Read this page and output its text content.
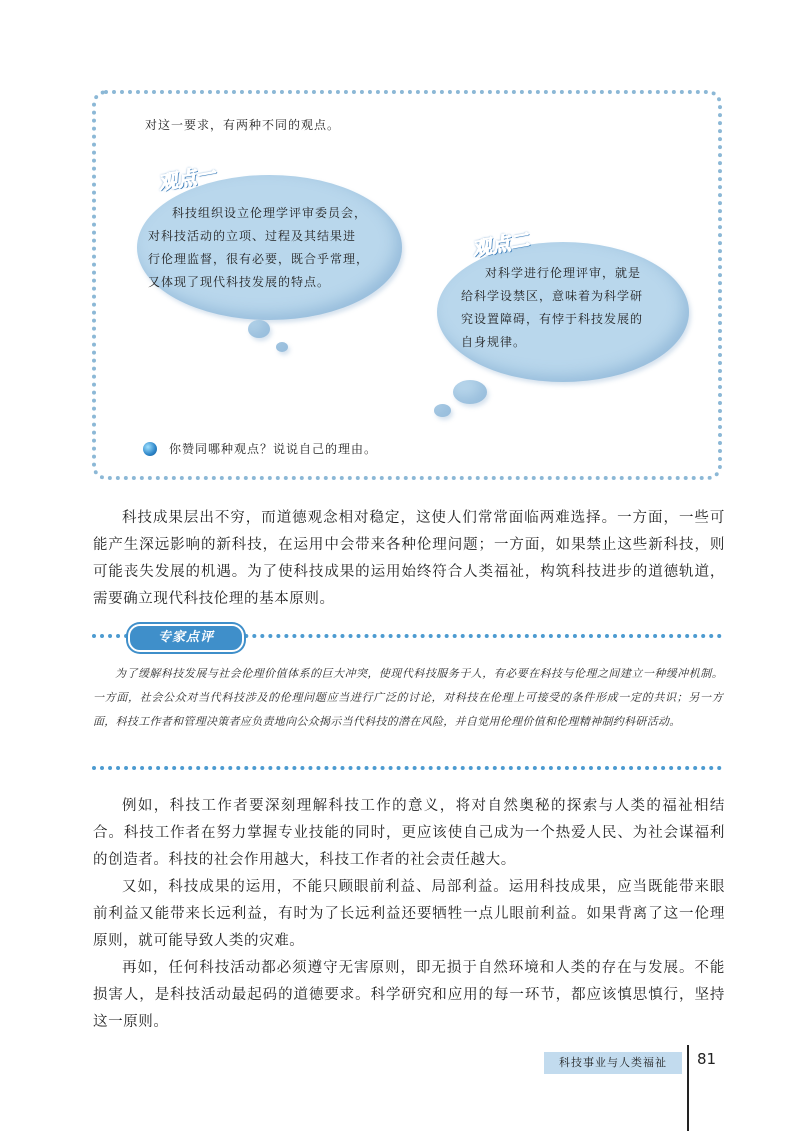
对这一要求，有两种不同的观点。
观点一
科技组织设立伦理学评审委员会，
对科技活动的立项、过程及其结果进
行伦理监督，很有必要，既合乎常理，
又体现了现代科技发展的特点。
观点二
对科学进行伦理评审，就是
给科学设禁区，意味着为科学研
究设置障碍，有悖于科技发展的
自身规律。
你赞同哪种观点？说说自己的理由。
科技成果层出不穷，而道德观念相对稳定，这使人们常常面临两难选择。一方面，一些可能产生深远影响的新科技，在运用中会带来各种伦理问题；一方面，如果禁止这些新科技，则可能丧失发展的机遇。为了使科技成果的运用始终符合人类福祉，构筑科技进步的道德轨道，需要确立现代科技伦理的基本原则。
专家点评
为了缓解科技发展与社会伦理价值体系的巨大冲突，使现代科技服务于人，有必要在科技与伦理之间建立一种缓冲机制。一方面，社会公众对当代科技涉及的伦理问题应当进行广泛的讨论，对科技在伦理上可接受的条件形成一定的共识；另一方面，科技工作者和管理决策者应负责地向公众揭示当代科技的潜在风险，并自觉用伦理价值和伦理精神制约科研活动。
例如，科技工作者要深刻理解科技工作的意义，将对自然奥秘的探索与人类的福祉相结合。科技工作者在努力掌握专业技能的同时，更应该使自己成为一个热爱人民、为社会谋福利的创造者。科技的社会作用越大，科技工作者的社会责任越大。
又如，科技成果的运用，不能只顾眼前利益、局部利益。运用科技成果，应当既能带来眼前利益又能带来长远利益，有时为了长远利益还要牺牲一点儿眼前利益。如果背离了这一伦理原则，就可能导致人类的灾难。
再如，任何科技活动都必须遵守无害原则，即无损于自然环境和人类的存在与发展。不能损害人，是科技活动最起码的道德要求。科学研究和应用的每一环节，都应该慎思慎行，坚持这一原则。
科技事业与人类福祉	81
